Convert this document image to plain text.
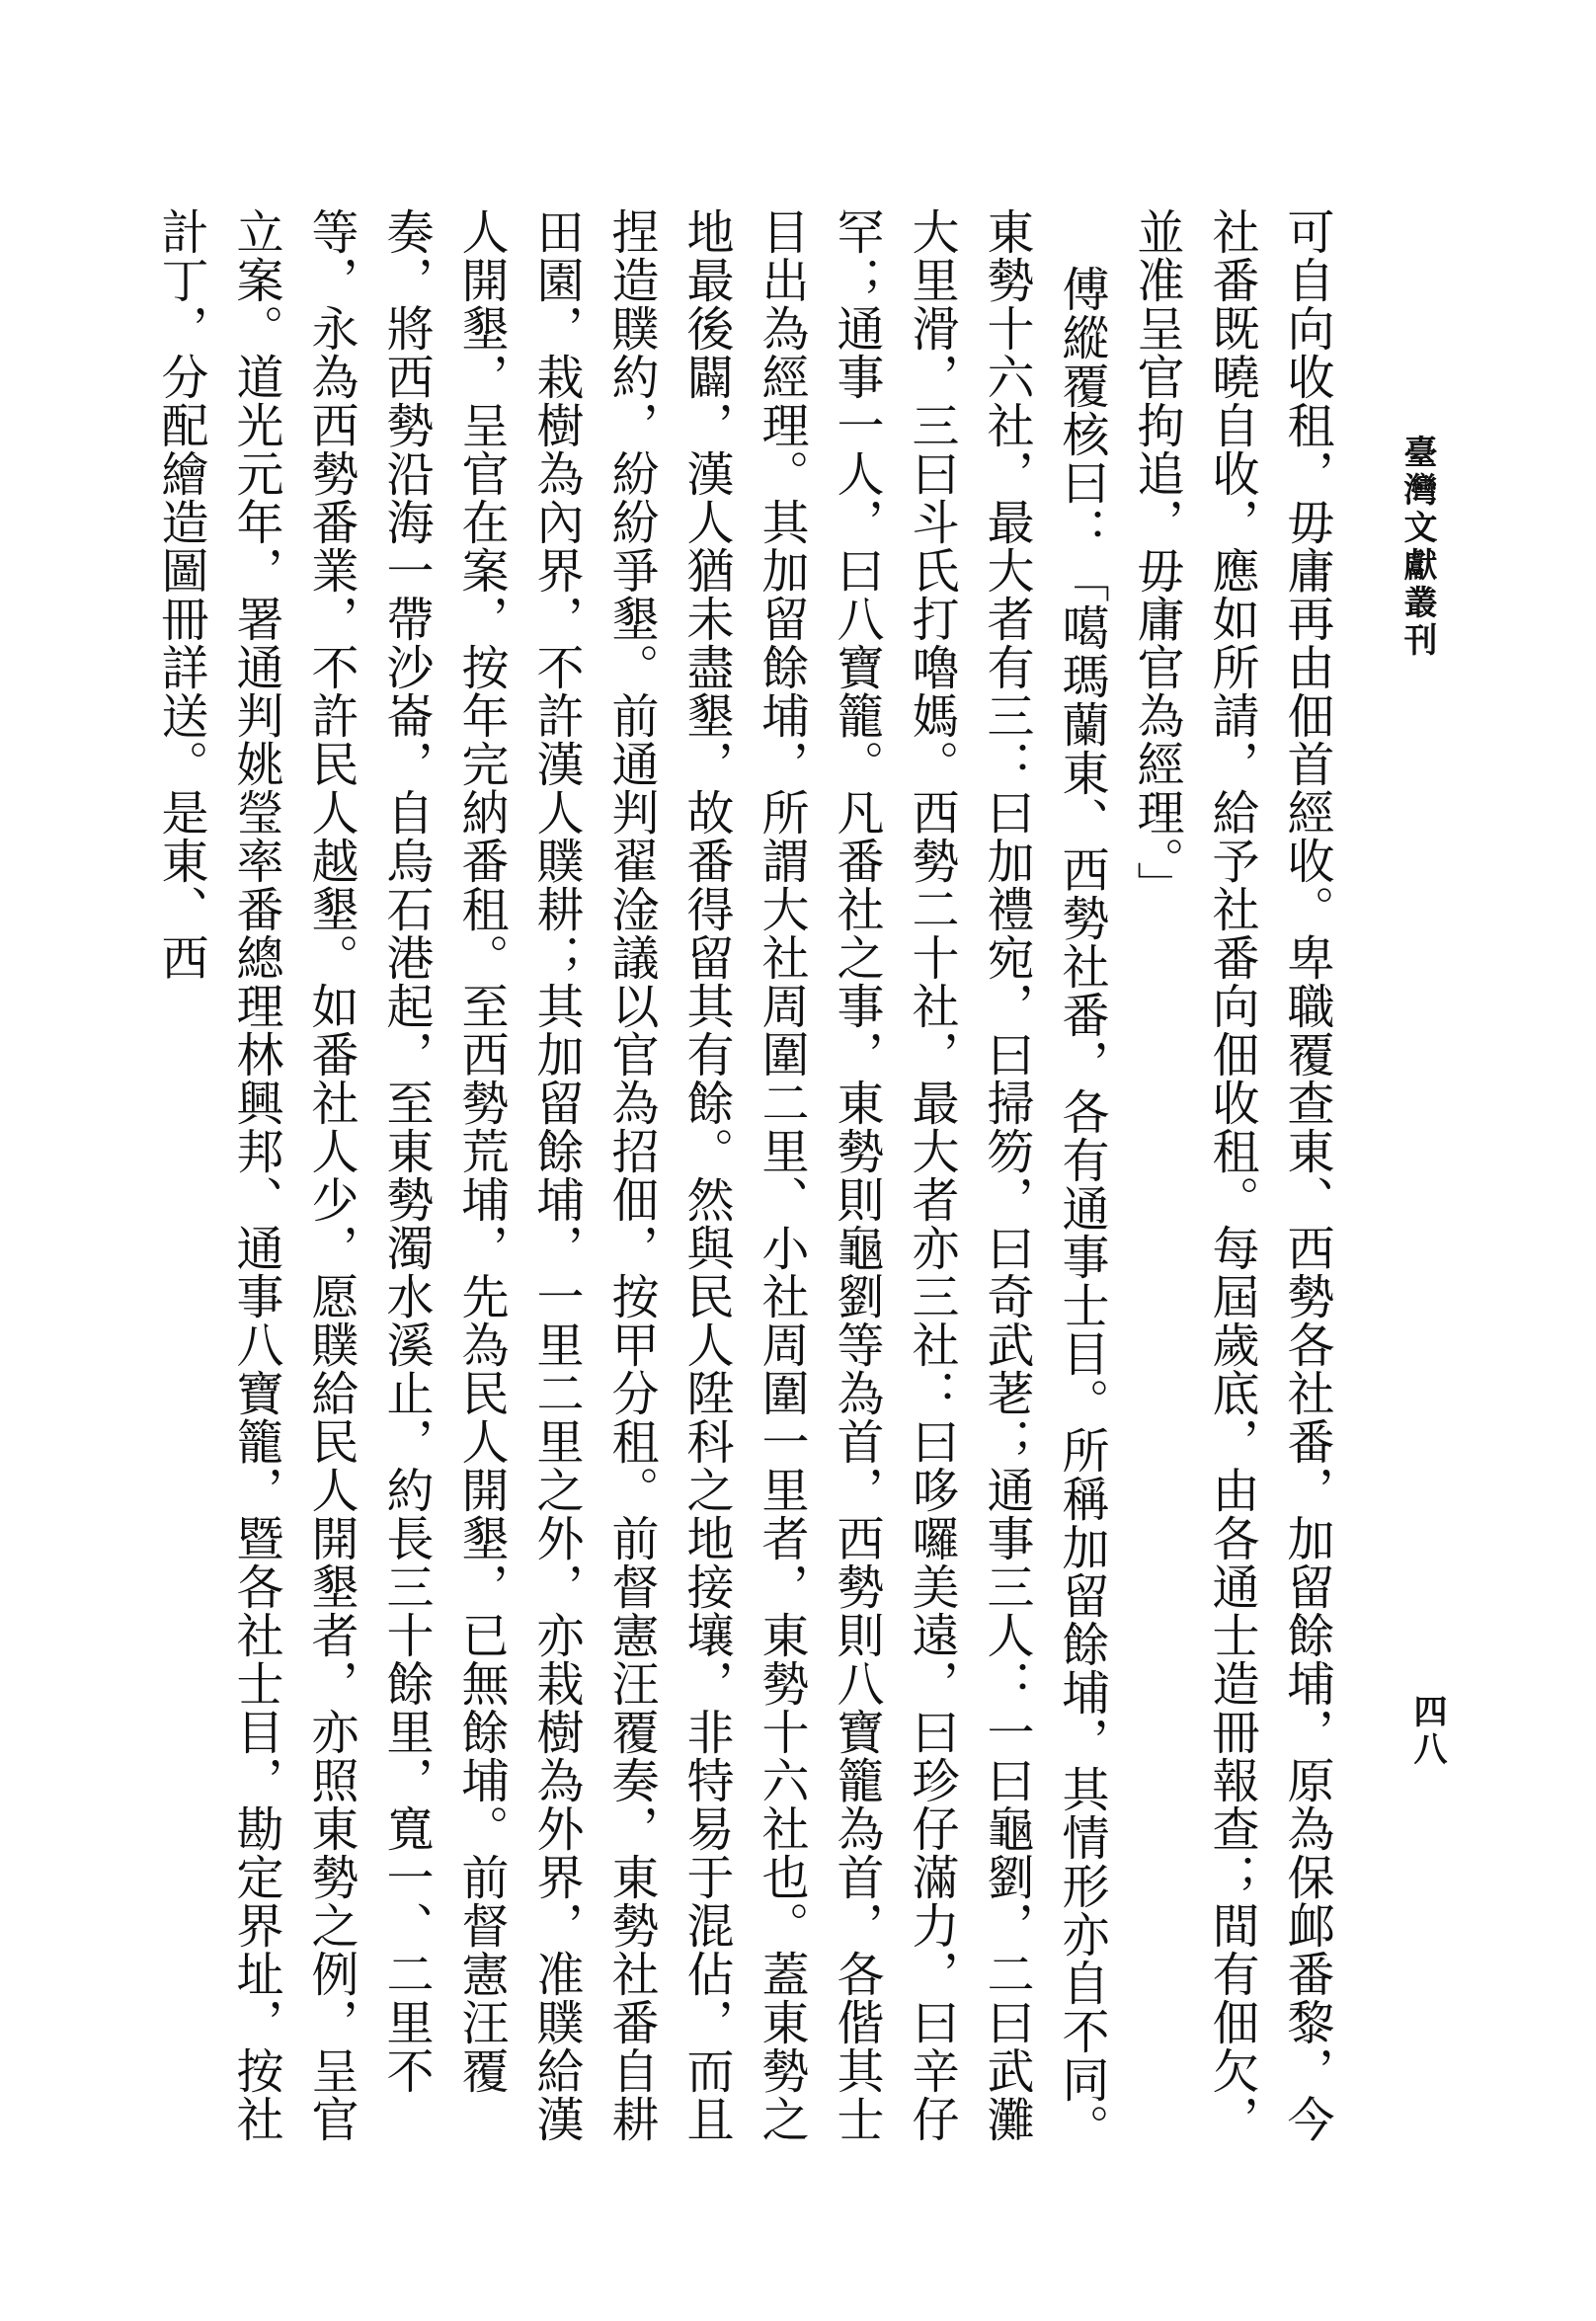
臺灣文獻叢刊
四八

可自向收租，毋庸再由佃首經收。卑職覆查東、西勢各社番，加留餘埔，原為保䘏番黎，今社番既曉自收，應如所請，給予社番向佃收租。每屆歲底，由各通士造冊報查；間有佃欠，並准呈官拘追，毋庸官為經理。」

傅縱覆核曰：「噶瑪蘭東、西勢社番，各有通事士目。所稱加留餘埔，其情形亦自不同。東勢十六社，最大者有三：曰加禮宛，曰掃笏，曰奇武荖；通事三人：一曰龜劉，二曰武灘大里滑，三曰斗氏打嚕媽。西勢二十社，最大者亦三社：曰哆囉美遠，曰珍仔滿力，曰辛仔罕；通事一人，曰八寶籠。凡番社之事，東勢則龜劉等為首，西勢則八寶籠為首，各偕其士目出為經理。其加留餘埔，所謂大社周圍二里、小社周圍一里者，東勢十六社也。蓋東勢之地最後闢，漢人猶未盡墾，故番得留其有餘。然與民人陞科之地接壤，非特易于混佔，而且捏造贌約，紛紛爭墾。前通判翟淦議以官為招佃，按甲分租。前督憲汪覆奏，東勢社番自耕田園，栽樹為內界，不許漢人贌耕；其加留餘埔，一里二里之外，亦栽樹為外界，准贌給漢人開墾，呈官在案，按年完納番租。至西勢荒埔，先為民人開墾，已無餘埔。前督憲汪覆奏，將西勢沿海一帶沙崙，自烏石港起，至東勢濁水溪止，約長三十餘里，寬一、二里不等，永為西勢番業，不許民人越墾。如番社人少，愿贌給民人開墾者，亦照東勢之例，呈官立案。道光元年，署通判姚瑩率番總理林興邦、通事八寶籠，暨各社士目，勘定界址，按社計丁，分配繪造圖冊詳送。是東、西
